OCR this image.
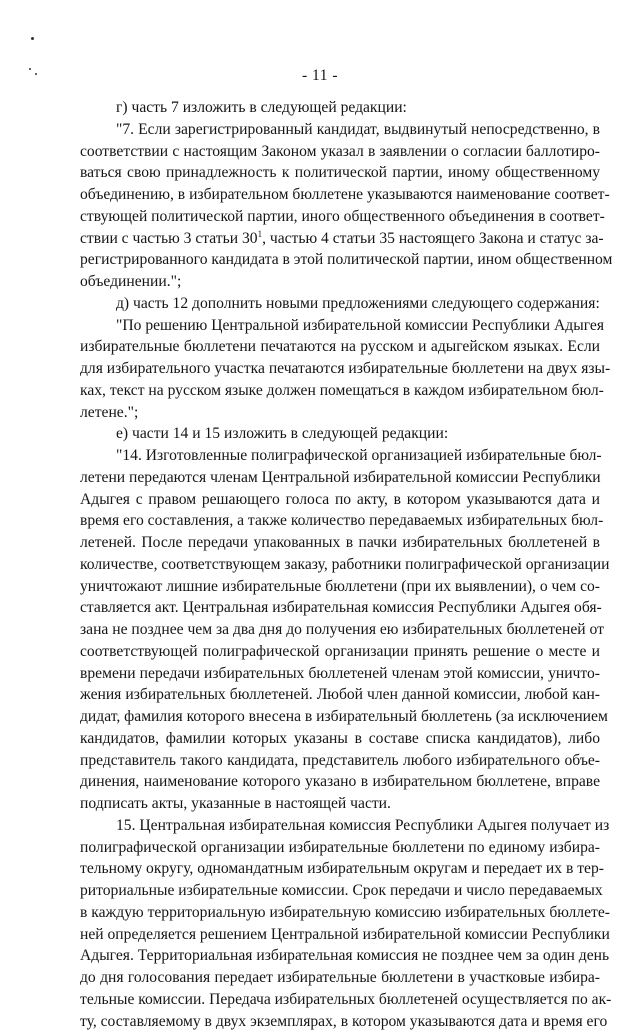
- 11 -
г) часть 7 изложить в следующей редакции:
"7. Если зарегистрированный кандидат, выдвинутый непосредственно, в
соответствии с настоящим Законом указал в заявлении о согласии баллотиро-
ваться свою принадлежность к политической партии, иному общественному
объединению, в избирательном бюллетене указываются наименование соответ-
ствующей политической партии, иного общественного объединения в соответ-
ствии с частью 3 статьи $30^1$, частью 4 статьи 35 настоящего Закона и статус за-
регистрированного кандидата в этой политической партии, ином общественном
объединении.";
д) часть 12 дополнить новыми предложениями следующего содержания:
"По решению Центральной избирательной комиссии Республики Адыгея
избирательные бюллетени печатаются на русском и адыгейском языках. Если
для избирательного участка печатаются избирательные бюллетени на двух язы-
ках, текст на русском языке должен помещаться в каждом избирательном бюл-
летене.";
е) части 14 и 15 изложить в следующей редакции:
"14. Изготовленные полиграфической организацией избирательные бюл-
летени передаются членам Центральной избирательной комиссии Республики
Адыгея с правом решающего голоса по акту, в котором указываются дата и
время его составления, а также количество передаваемых избирательных бюл-
летеней. После передачи упакованных в пачки избирательных бюллетеней в
количестве, соответствующем заказу, работники полиграфической организации
уничтожают лишние избирательные бюллетени (при их выявлении), о чем со-
ставляется акт. Центральная избирательная комиссия Республики Адыгея обя-
зана не позднее чем за два дня до получения ею избирательных бюллетеней от
соответствующей полиграфической организации принять решение о месте и
времени передачи избирательных бюллетеней членам этой комиссии, уничто-
жения избирательных бюллетеней. Любой член данной комиссии, любой кан-
дидат, фамилия которого внесена в избирательный бюллетень (за исключением
кандидатов, фамилии которых указаны в составе списка кандидатов), либо
представитель такого кандидата, представитель любого избирательного объе-
динения, наименование которого указано в избирательном бюллетене, вправе
подписать акты, указанные в настоящей части.
15. Центральная избирательная комиссия Республики Адыгея получает из
полиграфической организации избирательные бюллетени по единому избира-
тельному округу, одномандатным избирательным округам и передает их в тер-
риториальные избирательные комиссии. Срок передачи и число передаваемых
в каждую территориальную избирательную комиссию избирательных бюллете-
ней определяется решением Центральной избирательной комиссии Республики
Адыгея. Территориальная избирательная комиссия не позднее чем за один день
до дня голосования передает избирательные бюллетени в участковые избира-
тельные комиссии. Передача избирательных бюллетеней осуществляется по ак-
ту, составляемому в двух экземплярах, в котором указываются дата и время его
